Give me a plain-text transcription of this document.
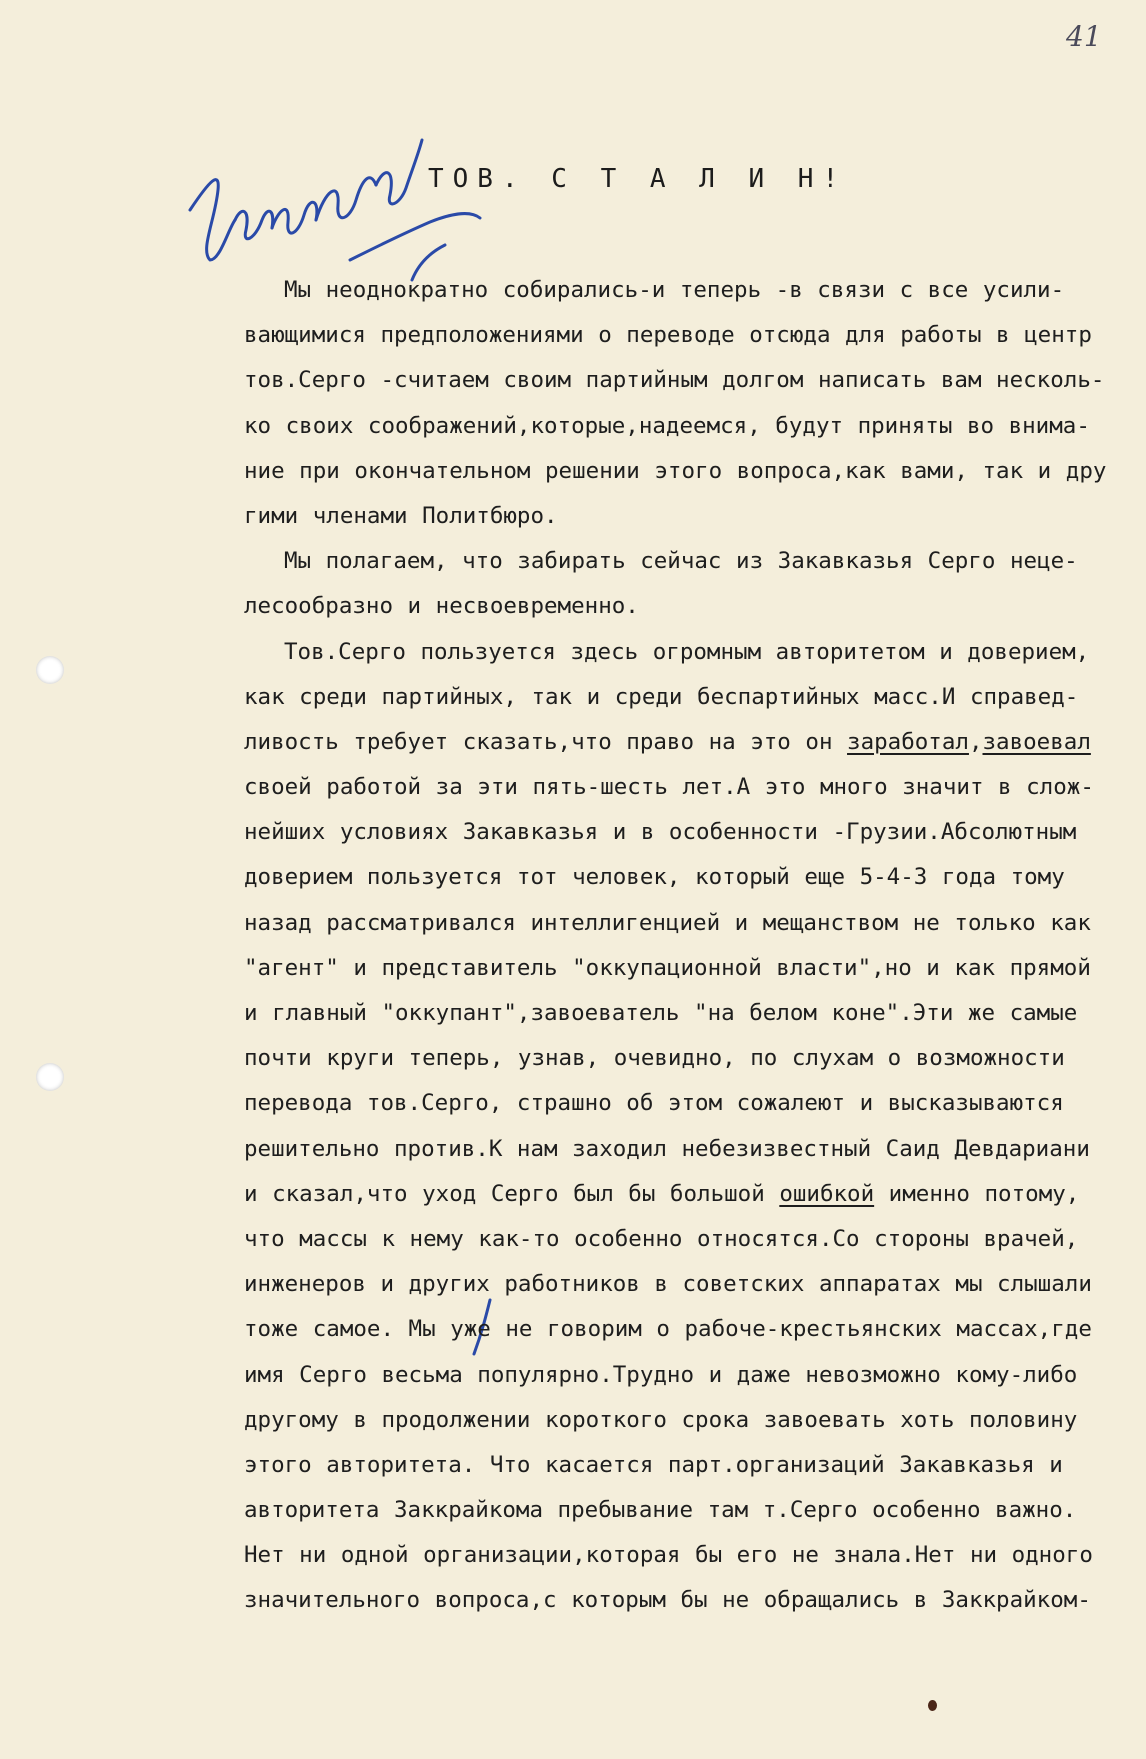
41
ТОВ. С Т А Л И Н!
Мы неоднократно собирались-и теперь -в связи с все усили-
вающимися предположениями о переводе отсюда для работы в центр
тов.Серго -считаем своим партийным долгом написать вам несколь-
ко своих соображений,которые,надеемся, будут приняты во внима-
ние при окончательном решении этого вопроса,как вами, так и дру
гими членами Политбюро.
Мы полагаем, что забирать сейчас из Закавказья Серго неце-
лесообразно и несвоевременно.
Тов.Серго пользуется здесь огромным авторитетом и доверием,
как среди партийных, так и среди беспартийных масс.И справед-
ливость требует сказать,что право на это он заработал,завоевал
своей работой за эти пять-шесть лет.А это много значит в слож-
нейших условиях Закавказья и в особенности -Грузии.Абсолютным
доверием пользуется тот человек, который еще 5-4-3 года тому
назад рассматривался интеллигенцией и мещанством не только как
"агент" и представитель "оккупационной власти",но и как прямой
и главный "оккупант",завоеватель "на белом коне".Эти же самые
почти круги теперь, узнав, очевидно, по слухам о возможности
перевода тов.Серго, страшно об этом сожалеют и высказываются
решительно против.К нам заходил небезизвестный Саид Девдариани
и сказал,что уход Серго был бы большой ошибкой именно потому,
что массы к нему как-то особенно относятся.Со стороны врачей,
инженеров и других работников в советских аппаратах мы слышали
тоже самое. Мы уже не говорим о рабоче-крестьянских массах,где
имя Серго весьма популярно.Трудно и даже невозможно кому-либо
другому в продолжении короткого срока завоевать хоть половину
этого авторитета. Что касается парт.организаций Закавказья и
авторитета Заккрайкома пребывание там т.Серго особенно важно.
Нет ни одной организации,которая бы его не знала.Нет ни одного
значительного вопроса,с которым бы не обращались в Заккрайком-
